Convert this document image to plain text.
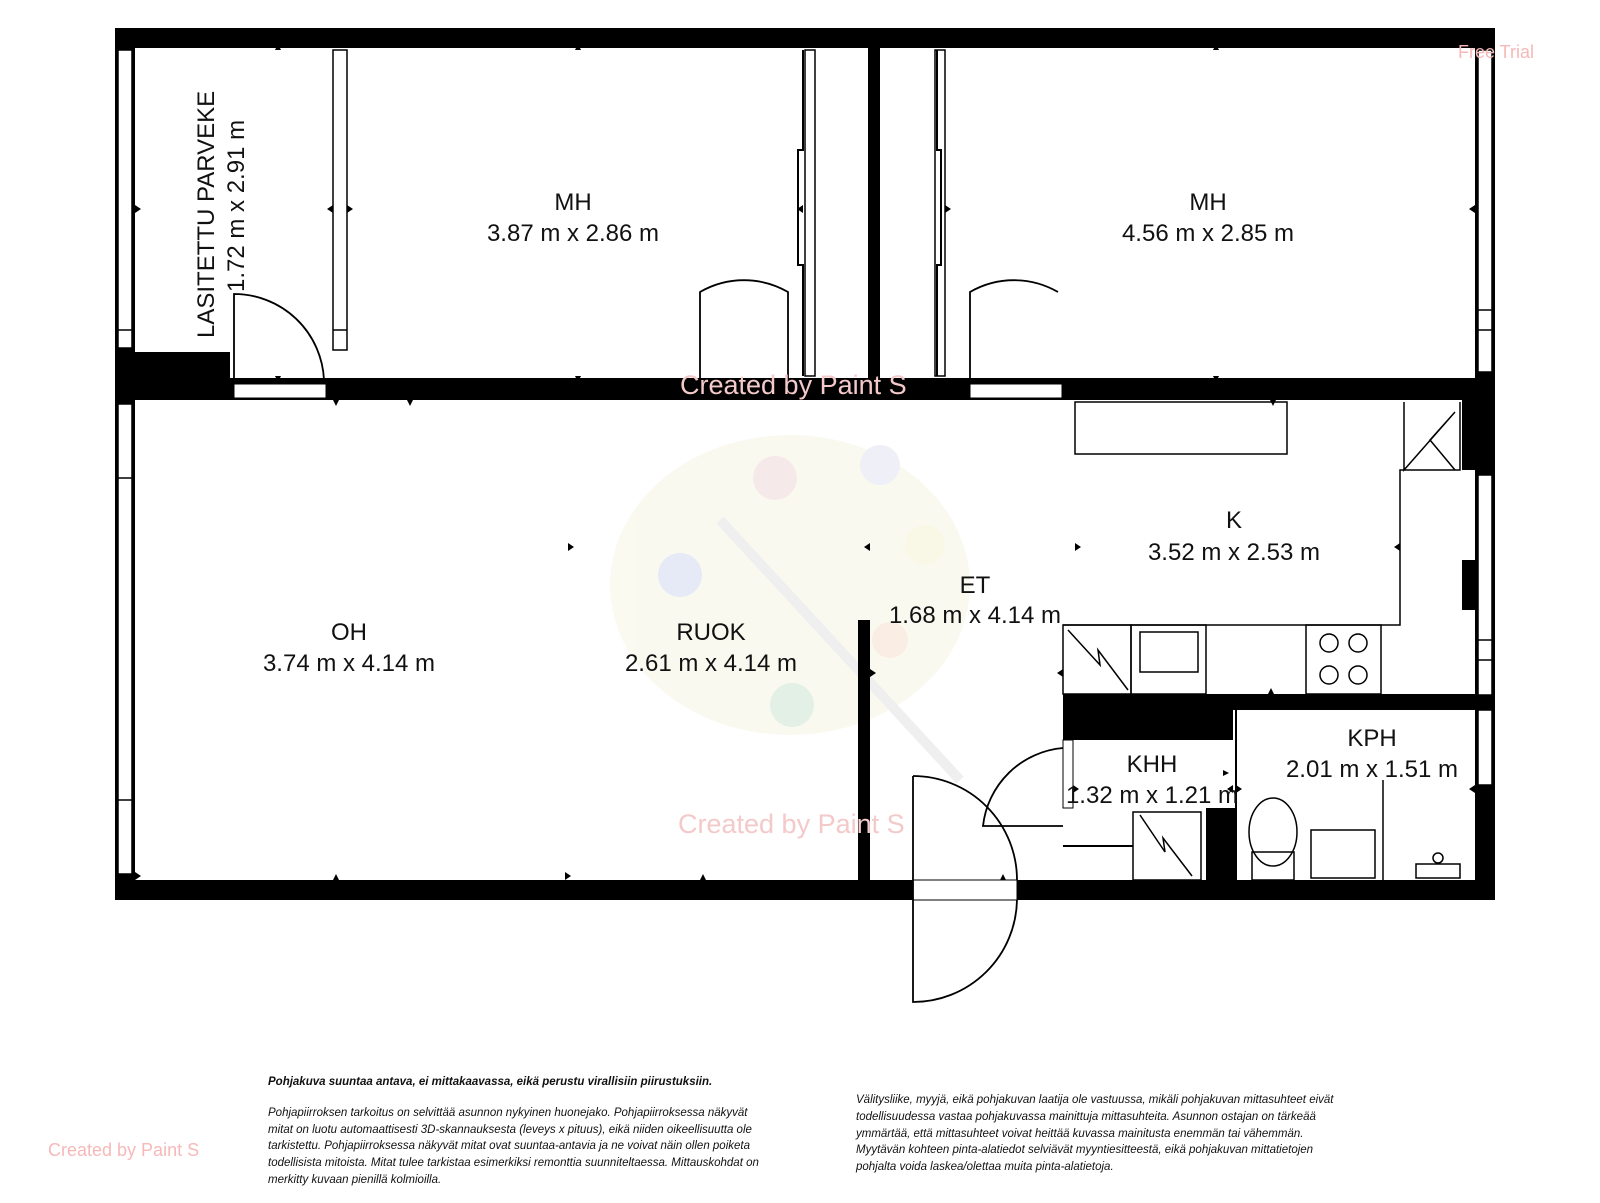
Free Trial
Created by Paint S
Created by Paint S
LASITETTU PARVEKE 1.72 m x 2.91 m	MH
3.87 m x 2.86 m
MH
4.56 m x 2.85 m
K
3.52 m x 2.53 m
ET
1.68 m x 4.14 m
OH
3.74 m x 4.14 m
RUOK
2.61 m x 4.14 m
KHH
1.32 m x 1.21 m
KPH
2.01 m x 1.51 m

Pohjakuva suuntaa antava, ei mittakaavassa, eikä perustu virallisiin piirustuksiin.

Pohjapiirroksen tarkoitus on selvittää asunnon nykyinen huonejako. Pohjapiirroksessa näkyvät mitat on luotu automaattisesti 3D-skannauksesta (leveys x pituus), eikä niiden oikeellisuutta ole tarkistettu. Pohjapiirroksessa näkyvät mitat ovat suuntaa-antavia ja ne voivat näin ollen poiketa todellisista mitoista. Mitat tulee tarkistaa esimerkiksi remonttia suunniteltaessa. Mittauskohdat on merkitty kuvaan pienillä kolmioilla.

Välitysliike, myyjä, eikä pohjakuvan laatija ole vastuussa, mikäli pohjakuvan mittasuhteet eivät todellisuudessa vastaa pohjakuvassa mainittuja mittasuhteita. Asunnon ostajan on tärkeää ymmärtää, että mittasuhteet voivat heittää kuvassa mainitusta enemmän tai vähemmän. Myytävän kohteen pinta-alatiedot selviävät myyntiesitteestä, eikä pohjakuvan mittatietojen pohjalta voida laskea/olettaa muita pinta-alatietoja.

Created by Paint S
